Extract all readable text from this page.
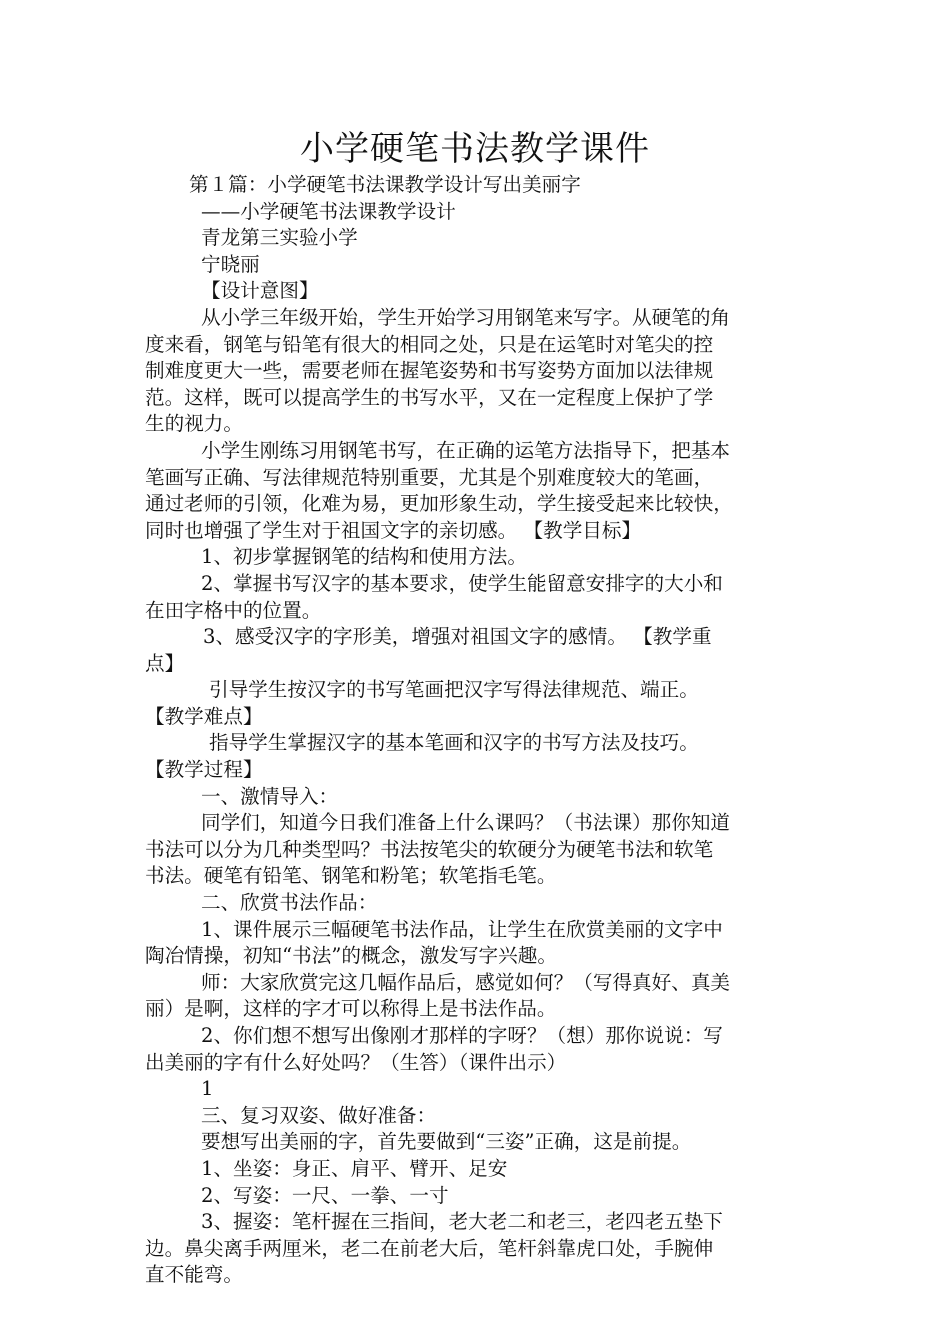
小学硬笔书法教学课件
第１篇：小学硬笔书法课教学设计写出美丽字
——小学硬笔书法课教学设计
青龙第三实验小学
宁晓丽
【设计意图】
从小学三年级开始，学生开始学习用钢笔来写字。从硬笔的角
度来看，钢笔与铅笔有很大的相同之处，只是在运笔时对笔尖的控
制难度更大一些，需要老师在握笔姿势和书写姿势方面加以法律规
范。这样，既可以提高学生的书写水平，又在一定程度上保护了学
生的视力。
小学生刚练习用钢笔书写，在正确的运笔方法指导下，把基本
笔画写正确、写法律规范特别重要，尤其是个别难度较大的笔画，
通过老师的引领，化难为易，更加形象生动，学生接受起来比较快，
同时也增强了学生对于祖国文字的亲切感。 【教学目标】
1、初步掌握钢笔的结构和使用方法。
2、掌握书写汉字的基本要求，使学生能留意安排字的大小和
在田字格中的位置。
3、感受汉字的字形美，增强对祖国文字的感情。 【教学重
点】
引导学生按汉字的书写笔画把汉字写得法律规范、端正。
【教学难点】
指导学生掌握汉字的基本笔画和汉字的书写方法及技巧。
【教学过程】
一、激情导入：
同学们，知道今日我们准备上什么课吗？（书法课）那你知道
书法可以分为几种类型吗？书法按笔尖的软硬分为硬笔书法和软笔
书法。硬笔有铅笔、钢笔和粉笔；软笔指毛笔。
二、欣赏书法作品：
1、课件展示三幅硬笔书法作品，让学生在欣赏美丽的文字中
陶冶情操，初知“书法”的概念，激发写字兴趣。
师：大家欣赏完这几幅作品后，感觉如何？（写得真好、真美
丽）是啊，这样的字才可以称得上是书法作品。
2、你们想不想写出像刚才那样的字呀？（想）那你说说：写
出美丽的字有什么好处吗？（生答）（课件出示）
1
三、复习双姿、做好准备：
要想写出美丽的字，首先要做到“三姿”正确，这是前提。
1、坐姿：身正、肩平、臂开、足安
2、写姿：一尺、一拳、一寸
3、握姿：笔杆握在三指间，老大老二和老三，老四老五垫下
边。鼻尖离手两厘米，老二在前老大后，笔杆斜靠虎口处，手腕伸
直不能弯。
